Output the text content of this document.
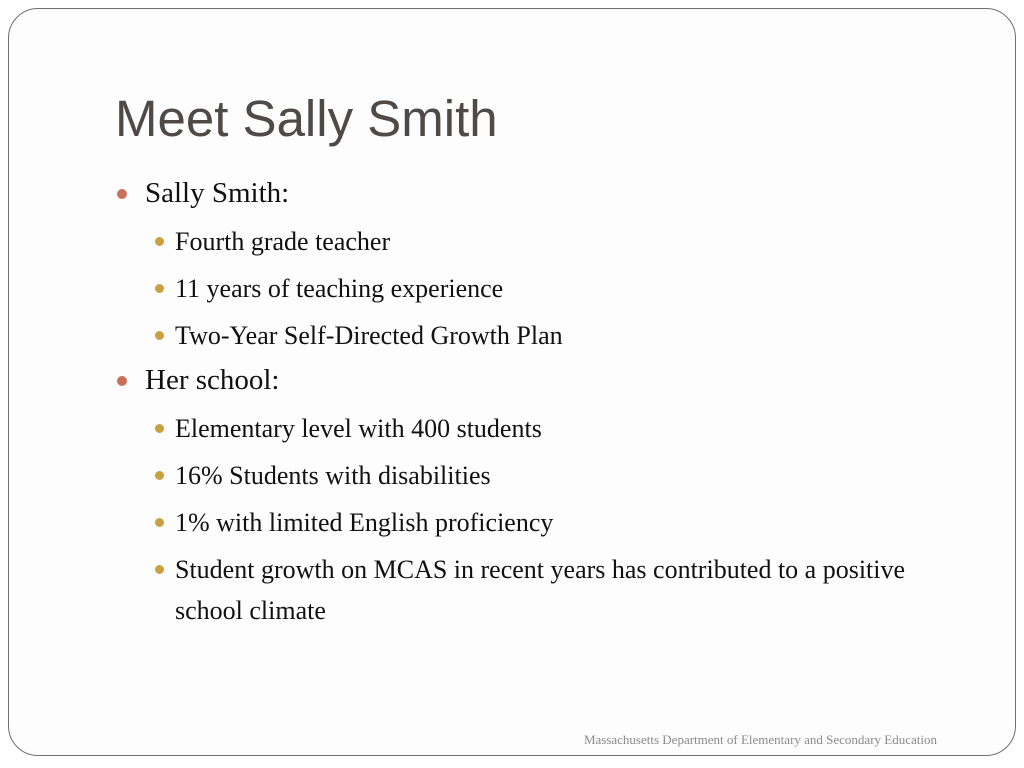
Meet Sally Smith
Sally Smith:
Fourth grade teacher
11 years of teaching experience
Two-Year Self-Directed Growth Plan
Her school:
Elementary level with 400 students
16% Students with disabilities
1% with limited English proficiency
Student growth on MCAS in recent years has contributed to a positive school climate
Massachusetts Department of Elementary and Secondary Education
